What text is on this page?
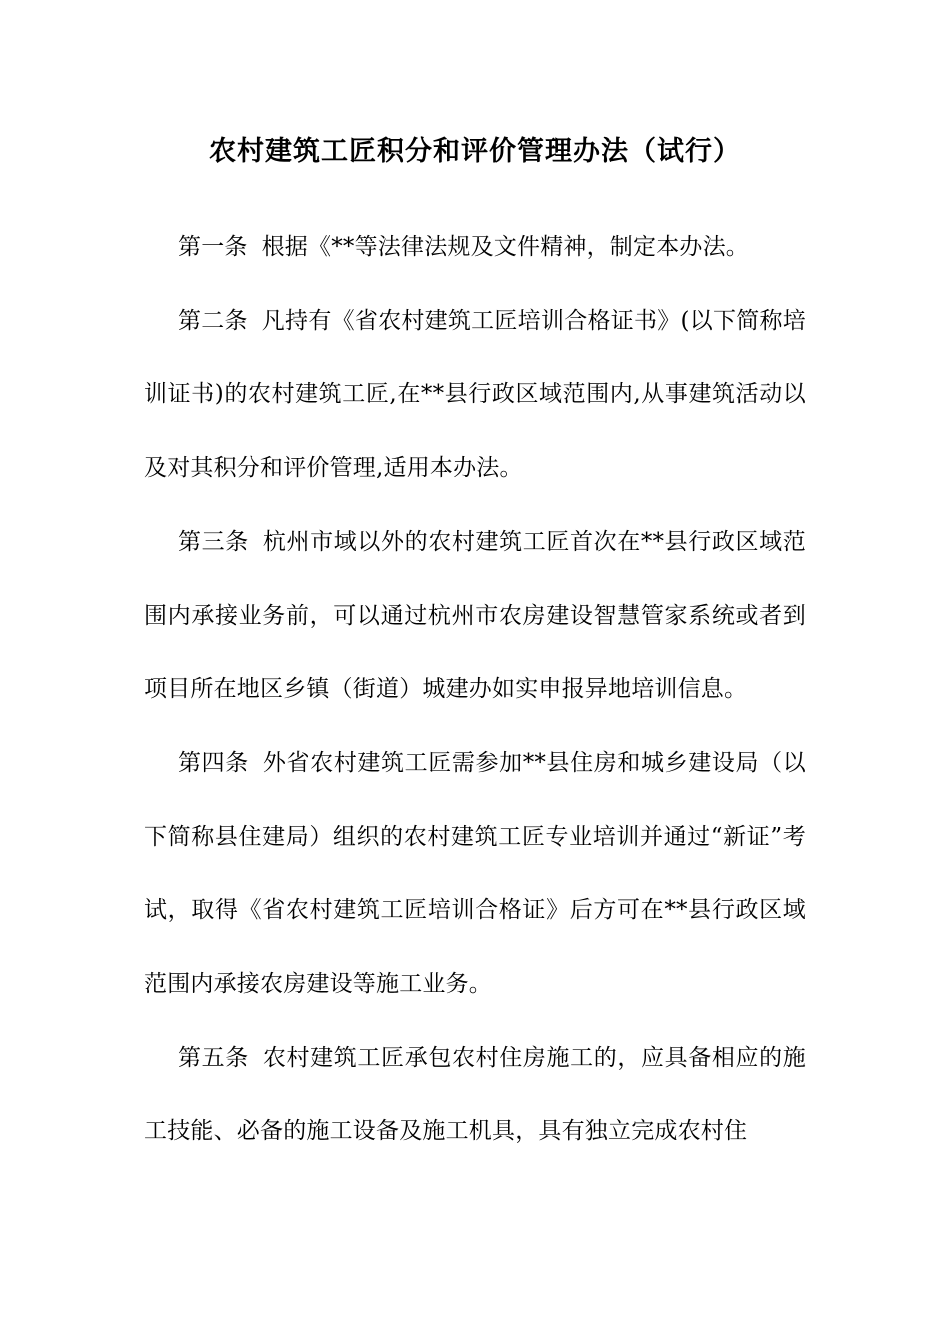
农村建筑工匠积分和评价管理办法（试行）

第一条 根据《**等法律法规及文件精神，制定本办法。

第二条 凡持有《省农村建筑工匠培训合格证书》(以下简称培训证书)的农村建筑工匠,在**县行政区域范围内,从事建筑活动以及对其积分和评价管理,适用本办法。

第三条 杭州市域以外的农村建筑工匠首次在**县行政区域范围内承接业务前，可以通过杭州市农房建设智慧管家系统或者到项目所在地区乡镇（街道）城建办如实申报异地培训信息。

第四条 外省农村建筑工匠需参加**县住房和城乡建设局（以下简称县住建局）组织的农村建筑工匠专业培训并通过“新证”考试，取得《省农村建筑工匠培训合格证》后方可在**县行政区域范围内承接农房建设等施工业务。

第五条 农村建筑工匠承包农村住房施工的，应具备相应的施工技能、必备的施工设备及施工机具，具有独立完成农村住
